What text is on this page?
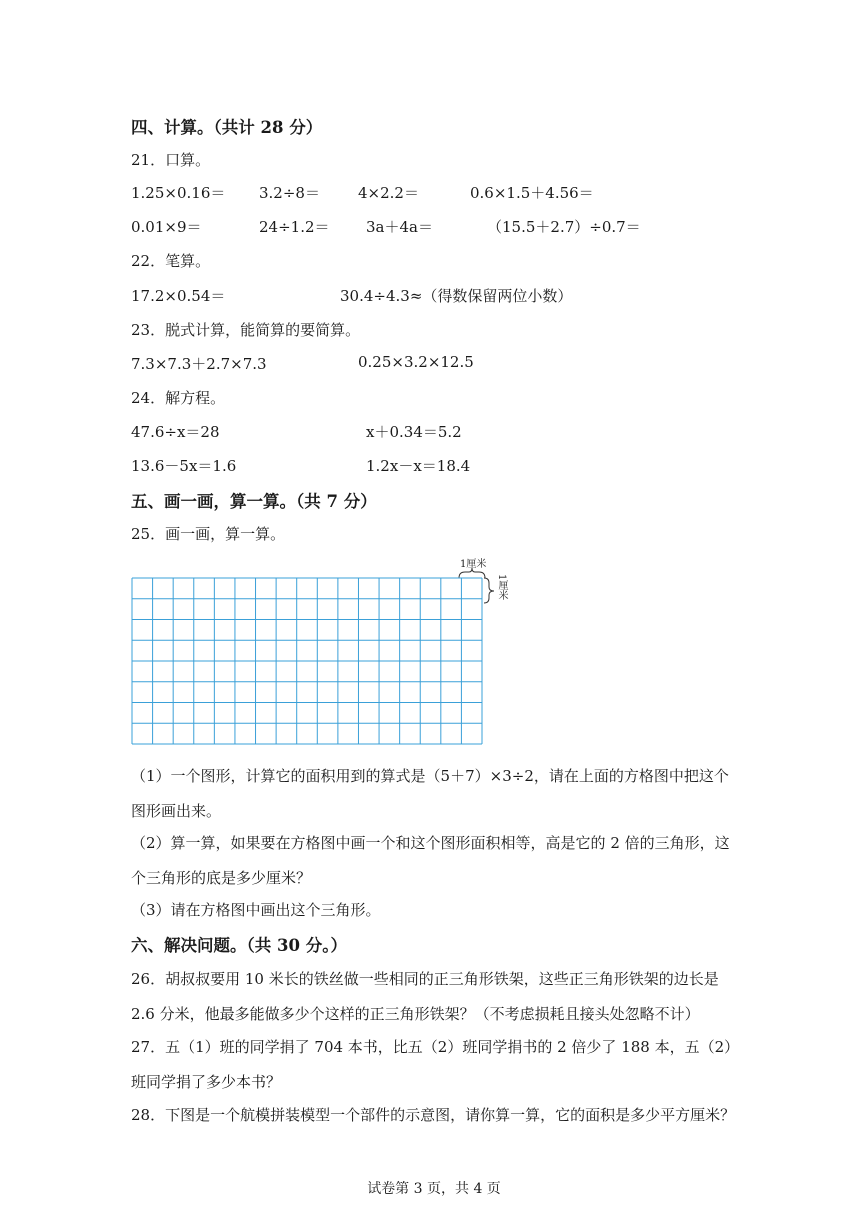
四、计算。（共计 28 分）
21．口算。
1.25×0.16＝ 3.2÷8＝	4×2.2＝	0.6×1.5＋4.56＝
0.01×9＝	24÷1.2＝ 3a＋4a＝	（15.5＋2.7）÷0.7＝
22．笔算。
17.2×0.54＝	30.4÷4.3≈（得数保留两位小数）
23．脱式计算，能简算的要简算。
7.3×7.3＋2.7×7.3	0.25×3.2×12.5
24．解方程。
47.6÷x＝28	x＋0.34＝5.2
13.6－5x＝1.6	1.2x－x＝18.4
五、画一画，算一算。（共 7 分）
25．画一画，算一算。
1厘米
1厘米
（1）一个图形，计算它的面积用到的算式是（5＋7）×3÷2，请在上面的方格图中把这个图形画出来。
（2）算一算，如果要在方格图中画一个和这个图形面积相等，高是它的 2 倍的三角形，这个三角形的底是多少厘米？
（3）请在方格图中画出这个三角形。
六、解决问题。（共 30 分。）
26．胡叔叔要用 10 米长的铁丝做一些相同的正三角形铁架，这些正三角形铁架的边长是 2.6 分米，他最多能做多少个这样的正三角形铁架？（不考虑损耗且接头处忽略不计）
27．五（1）班的同学捐了 704 本书，比五（2）班同学捐书的 2 倍少了 188 本，五（2）班同学捐了多少本书？
28．下图是一个航模拼装模型一个部件的示意图，请你算一算，它的面积是多少平方厘米？
试卷第 3 页，共 4 页
